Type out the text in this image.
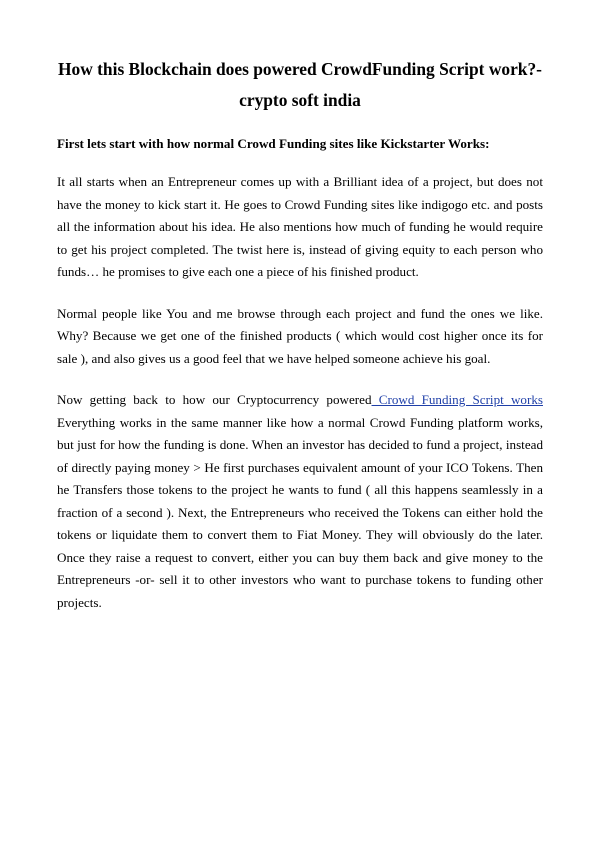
How this Blockchain does powered CrowdFunding Script work?-crypto soft india

First lets start with how normal Crowd Funding sites like Kickstarter Works:

It all starts when an Entrepreneur comes up with a Brilliant idea of a project, but does not have the money to kick start it. He goes to Crowd Funding sites like indigogo etc. and posts all the information about his idea. He also mentions how much of funding he would require to get his project completed. The twist here is, instead of giving equity to each person who funds… he promises to give each one a piece of his finished product.

Normal people like You and me browse through each project and fund the ones we like. Why? Because we get one of the finished products ( which would cost higher once its for sale ), and also gives us a good feel that we have helped someone achieve his goal.

Now getting back to how our Cryptocurrency powered Crowd Funding Script works Everything works in the same manner like how a normal Crowd Funding platform works, but just for how the funding is done. When an investor has decided to fund a project, instead of directly paying money > He first purchases equivalent amount of your ICO Tokens. Then he Transfers those tokens to the project he wants to fund ( all this happens seamlessly in a fraction of a second ). Next, the Entrepreneurs who received the Tokens can either hold the tokens or liquidate them to convert them to Fiat Money. They will obviously do the later. Once they raise a request to convert, either you can buy them back and give money to the Entrepreneurs -or- sell it to other investors who want to purchase tokens to funding other projects.
